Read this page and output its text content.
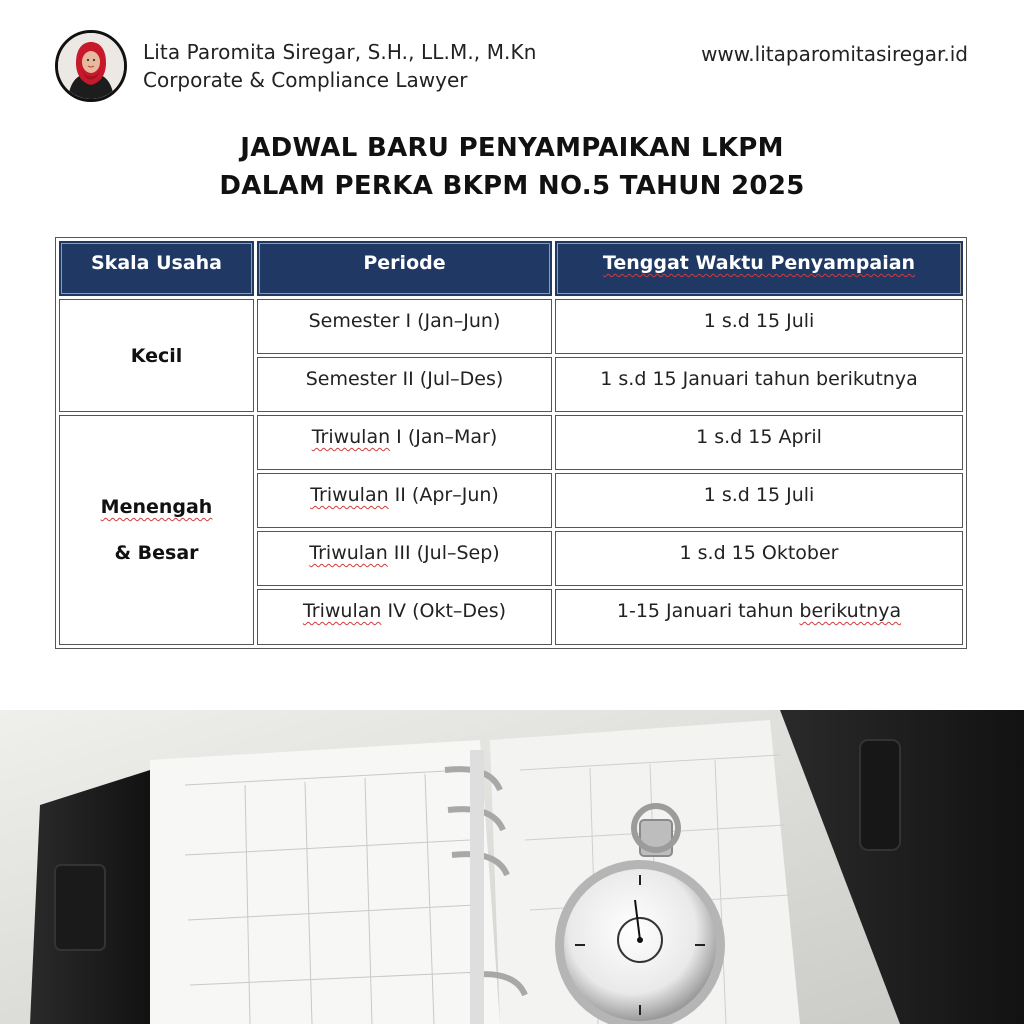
Lita Paromita Siregar, S.H., LL.M., M.Kn
Corporate & Compliance Lawyer
www.litaparomitasiregar.id
JADWAL BARU PENYAMPAIKAN LKPM
DALAM PERKA BKPM NO.5 TAHUN 2025
Skala Usaha	Periode	Tenggat Waktu Penyampaian
Kecil
Semester I (Jan–Jun)	1 s.d 15 Juli
Semester II (Jul–Des)	1 s.d 15 Januari tahun berikutnya
Menengah
& Besar
Triwulan I (Jan–Mar)	1 s.d 15 April
Triwulan II (Apr–Jun)	1 s.d 15 Juli
Triwulan III (Jul–Sep)	1 s.d 15 Oktober
Triwulan IV (Okt–Des)	1-15 Januari tahun berikutnya
